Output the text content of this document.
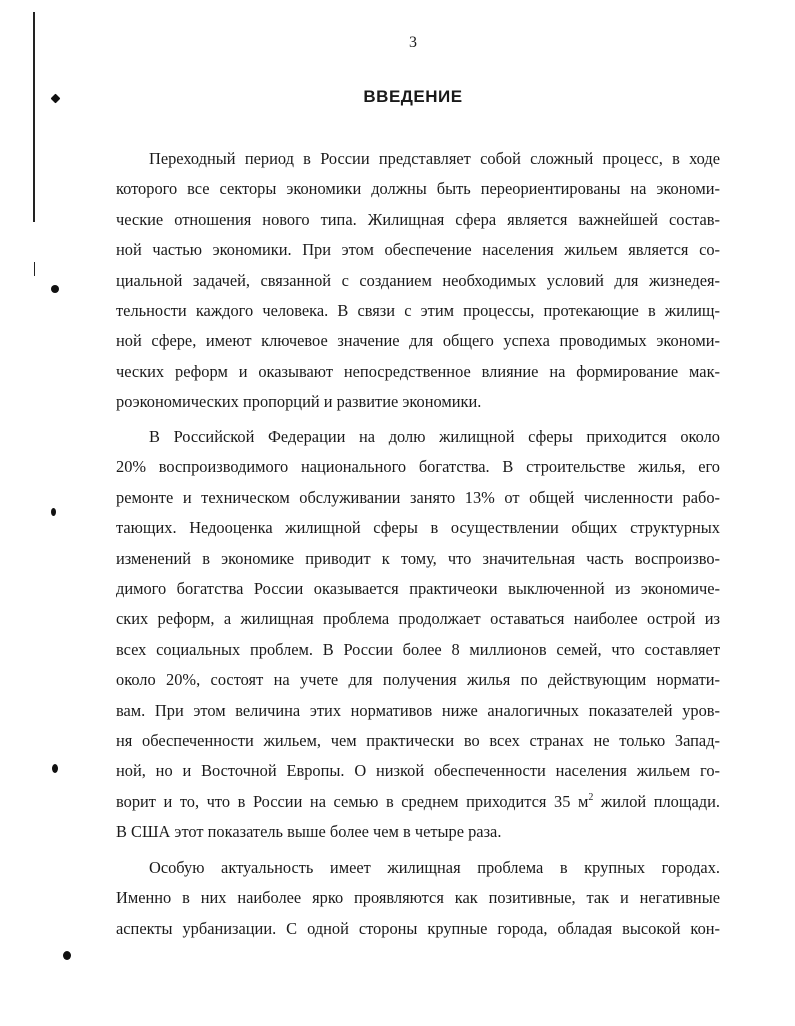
3
ВВЕДЕНИЕ
Переходный период в России представляет собой сложный процесс, в ходе
которого все секторы экономики должны быть переориентированы на экономи-
ческие отношения нового типа. Жилищная сфера является важнейшей состав-
ной частью экономики. При этом обеспечение населения жильем является со-
циальной задачей, связанной с созданием необходимых условий для жизнедея-
тельности каждого человека. В связи с этим процессы, протекающие в жилищ-
ной сфере, имеют ключевое значение для общего успеха проводимых экономи-
ческих реформ и оказывают непосредственное влияние на формирование мак-
роэкономических пропорций и развитие экономики.
В Российской Федерации на долю жилищной сферы приходится около
20% воспроизводимого национального богатства. В строительстве жилья, его
ремонте и техническом обслуживании занято 13% от общей численности рабо-
тающих. Недооценка жилищной сферы в осуществлении общих структурных
изменений в экономике приводит к тому, что значительная часть воспроизво-
димого богатства России оказывается практичеоки выключенной из экономиче-
ских реформ, а жилищная проблема продолжает оставаться наиболее острой из
всех социальных проблем. В России более 8 миллионов семей, что составляет
около 20%, состоят на учете для получения жилья по действующим нормати-
вам. При этом величина этих нормативов ниже аналогичных показателей уров-
ня обеспеченности жильем, чем практически во всех странах не только Запад-
ной, но и Восточной Европы. О низкой обеспеченности населения жильем го-
ворит и то, что в России на семью в среднем приходится 35 $м^2$ жилой площади.
В США этот показатель выше более чем в четыре раза.
Особую актуальность имеет жилищная проблема в крупных городах.
Именно в них наиболее ярко проявляются как позитивные, так и негативные
аспекты урбанизации. С одной стороны крупные города, обладая высокой кон-
